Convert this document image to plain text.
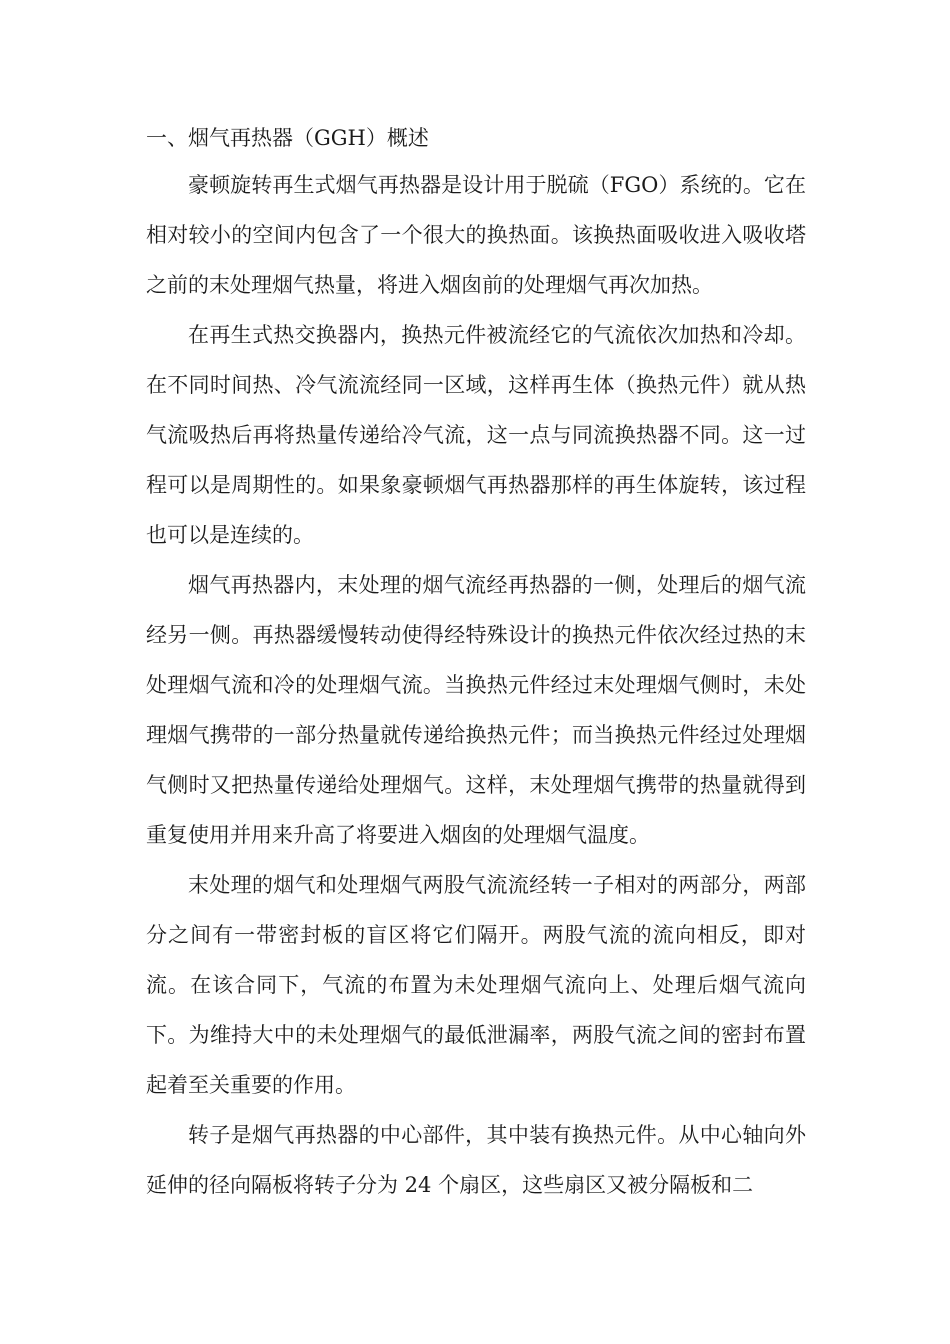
一、烟气再热器（GGH）概述

豪顿旋转再生式烟气再热器是设计用于脱硫（FGO）系统的。它在相对较小的空间内包含了一个很大的换热面。该换热面吸收进入吸收塔之前的末处理烟气热量，将进入烟囱前的处理烟气再次加热。

在再生式热交换器内，换热元件被流经它的气流依次加热和冷却。在不同时间热、冷气流流经同一区域，这样再生体（换热元件）就从热气流吸热后再将热量传递给冷气流，这一点与同流换热器不同。这一过程可以是周期性的。如果象豪顿烟气再热器那样的再生体旋转，该过程也可以是连续的。

烟气再热器内，末处理的烟气流经再热器的一侧，处理后的烟气流经另一侧。再热器缓慢转动使得经特殊设计的换热元件依次经过热的末处理烟气流和冷的处理烟气流。当换热元件经过末处理烟气侧时，未处理烟气携带的一部分热量就传递给换热元件；而当换热元件经过处理烟气侧时又把热量传递给处理烟气。这样，末处理烟气携带的热量就得到重复使用并用来升高了将要进入烟囱的处理烟气温度。

末处理的烟气和处理烟气两股气流流经转一子相对的两部分，两部分之间有一带密封板的盲区将它们隔开。两股气流的流向相反，即对流。在该合同下，气流的布置为未处理烟气流向上、处理后烟气流向下。为维持大中的未处理烟气的最低泄漏率，两股气流之间的密封布置起着至关重要的作用。

转子是烟气再热器的中心部件，其中装有换热元件。从中心轴向外延伸的径向隔板将转子分为 24 个扇区，这些扇区又被分隔板和二
